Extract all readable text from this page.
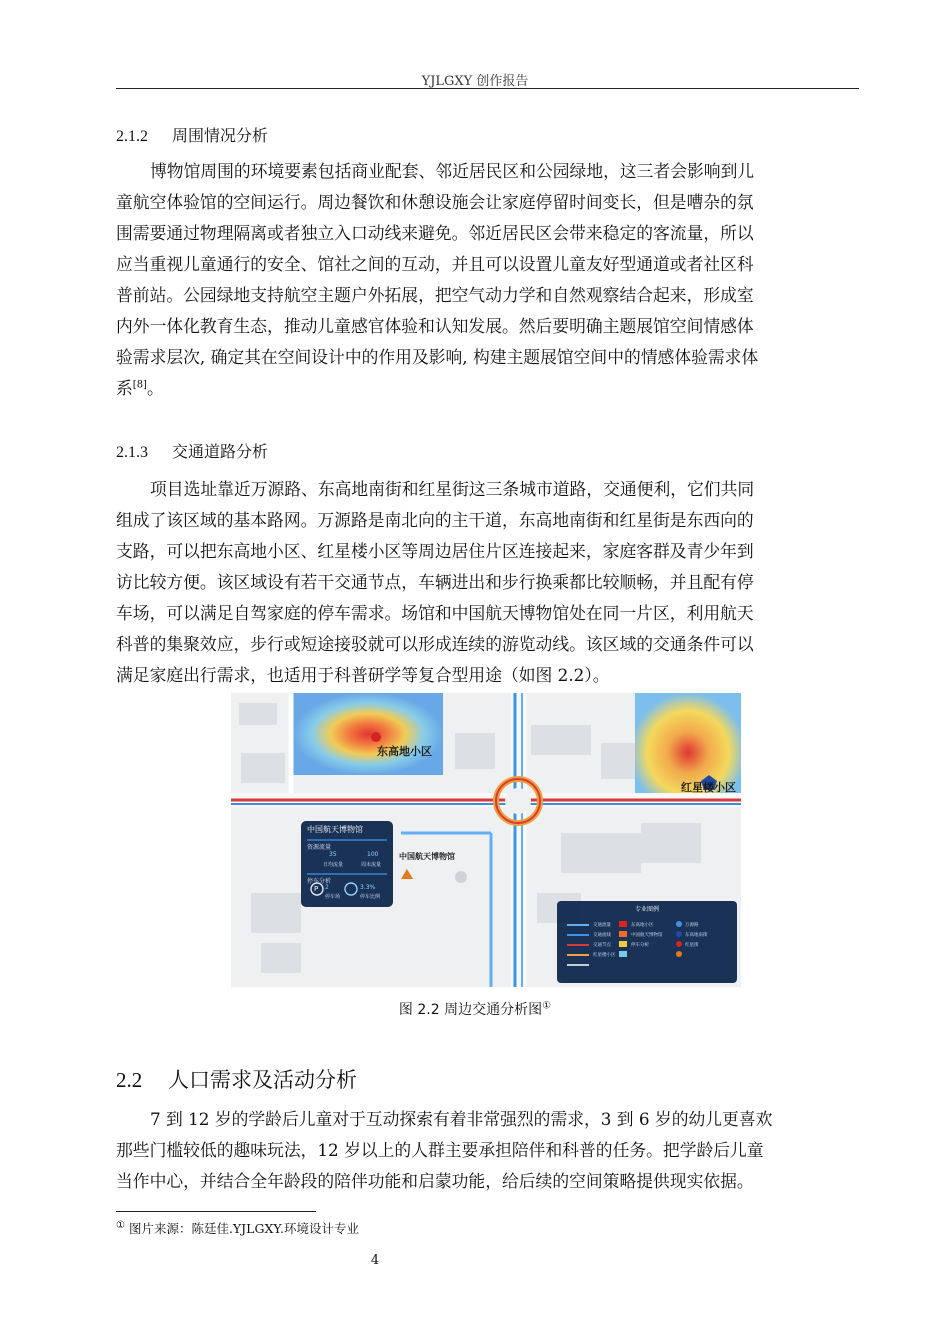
YJLGXY 创作报告
2.1.2 周围情况分析
博物馆周围的环境要素包括商业配套、邻近居民区和公园绿地，这三者会影响到儿
童航空体验馆的空间运行。周边餐饮和休憩设施会让家庭停留时间变长，但是嘈杂的氛
围需要通过物理隔离或者独立入口动线来避免。邻近居民区会带来稳定的客流量，所以
应当重视儿童通行的安全、馆社之间的互动，并且可以设置儿童友好型通道或者社区科
普前站。公园绿地支持航空主题户外拓展，把空气动力学和自然观察结合起来，形成室
内外一体化教育生态，推动儿童感官体验和认知发展。然后要明确主题展馆空间情感体
验需求层次, 确定其在空间设计中的作用及影响, 构建主题展馆空间中的情感体验需求体
系[8]。
2.1.3 交通道路分析
项目选址靠近万源路、东高地南街和红星街这三条城市道路，交通便利，它们共同
组成了该区域的基本路网。万源路是南北向的主干道，东高地南街和红星街是东西向的
支路，可以把东高地小区、红星楼小区等周边居住片区连接起来，家庭客群及青少年到
访比较方便。该区域设有若干交通节点，车辆进出和步行换乘都比较顺畅，并且配有停
车场，可以满足自驾家庭的停车需求。场馆和中国航天博物馆处在同一片区，利用航天
科普的集聚效应，步行或短途接驳就可以形成连续的游览动线。该区域的交通条件可以
满足家庭出行需求，也适用于科普研学等复合型用途（如图 2.2）。
东高地小区
红星楼小区
中国航天博物馆
中国航天博物馆
资源流量
35
日均流量
100
周末流量
停车分析
P 2
停车场
3.3%
停车比例
专业图例
交通流量
交通流线
交通节点
红星楼小区
东高地小区
中国航天博物馆
停车分析
万源路
东高地南街
红星街
图 2.2 周边交通分析图①
2.2 人口需求及活动分析
7 到 12 岁的学龄后儿童对于互动探索有着非常强烈的需求，3 到 6 岁的幼儿更喜欢
那些门槛较低的趣味玩法，12 岁以上的人群主要承担陪伴和科普的任务。把学龄后儿童
当作中心，并结合全年龄段的陪伴功能和启蒙功能，给后续的空间策略提供现实依据。
① 图片来源：陈廷佳.YJLGXY.环境设计专业
4
